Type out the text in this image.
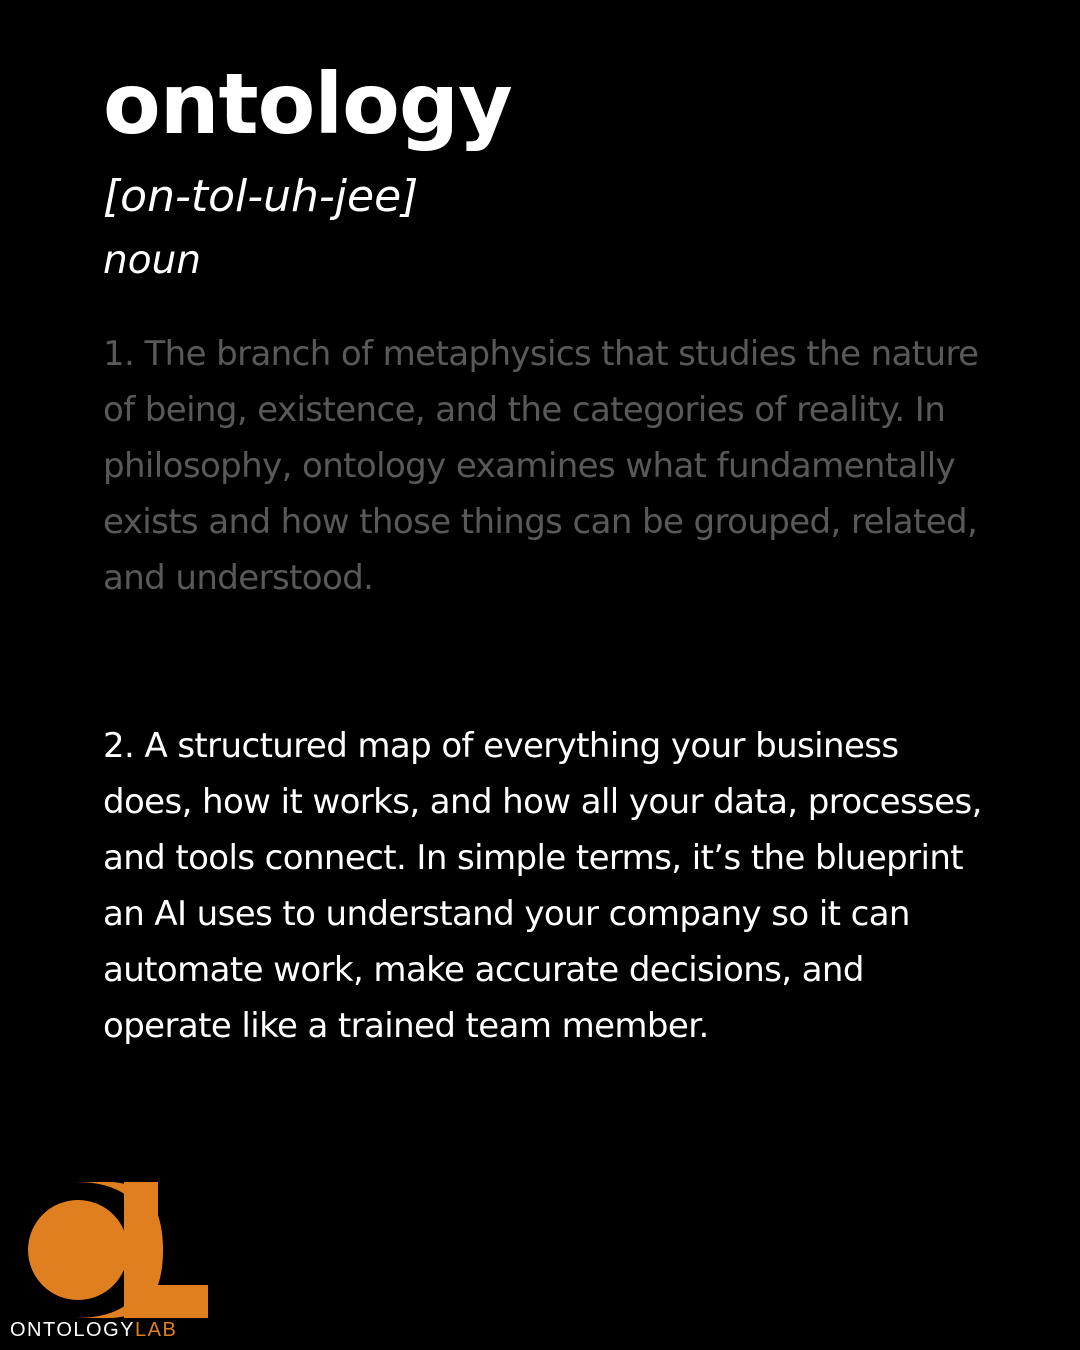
ontology
[on-tol-uh-jee]
noun

1. The branch of metaphysics that studies the nature of being, existence, and the categories of reality. In philosophy, ontology examines what fundamentally exists and how those things can be grouped, related, and understood.

2. A structured map of everything your business does, how it works, and how all your data, processes, and tools connect. In simple terms, it’s the blueprint an AI uses to understand your company so it can automate work, make accurate decisions, and operate like a trained team member.

ONTOLOGYLAB
